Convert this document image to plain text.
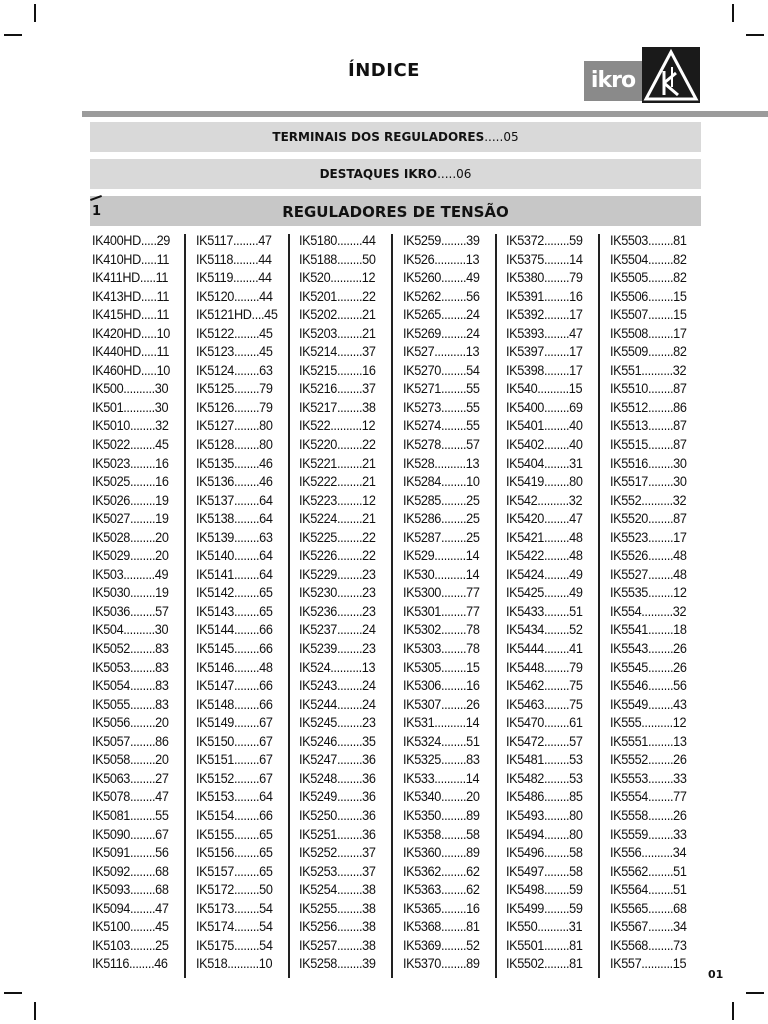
ÍNDICE	ikro
TERMINAIS DOS REGULADORES.....05
DESTAQUES IKRO.....06
1	REGULADORES DE TENSÃO
IK400HD.....29
IK410HD.....11
IK411HD.....11
IK413HD.....11
IK415HD.....11
IK420HD.....10
IK440HD.....11
IK460HD.....10
IK500..........30
IK501..........30
IK5010........32
IK5022........45
IK5023........16
IK5025........16
IK5026........19
IK5027........19
IK5028........20
IK5029........20
IK503..........49
IK5030........19
IK5036........57
IK504..........30
IK5052........83
IK5053........83
IK5054........83
IK5055........83
IK5056........20
IK5057........86
IK5058........20
IK5063........27
IK5078........47
IK5081........55
IK5090........67
IK5091........56
IK5092........68
IK5093........68
IK5094........47
IK5100........45
IK5103........25
IK5116........46
IK5117........47
IK5118........44
IK5119........44
IK5120........44
IK5121HD....45
IK5122........45
IK5123........45
IK5124........63
IK5125........79
IK5126........79
IK5127........80
IK5128........80
IK5135........46
IK5136........46
IK5137........64
IK5138........64
IK5139........63
IK5140........64
IK5141........64
IK5142........65
IK5143........65
IK5144........66
IK5145........66
IK5146........48
IK5147........66
IK5148........66
IK5149........67
IK5150........67
IK5151........67
IK5152........67
IK5153........64
IK5154........66
IK5155........65
IK5156........65
IK5157........65
IK5172........50
IK5173........54
IK5174........54
IK5175........54
IK518..........10
IK5180........44
IK5188........50
IK520..........12
IK5201........22
IK5202........21
IK5203........21
IK5214........37
IK5215........16
IK5216........37
IK5217........38
IK522..........12
IK5220........22
IK5221........21
IK5222........21
IK5223........12
IK5224........21
IK5225........22
IK5226........22
IK5229........23
IK5230........23
IK5236........23
IK5237........24
IK5239........23
IK524..........13
IK5243........24
IK5244........24
IK5245........23
IK5246........35
IK5247........36
IK5248........36
IK5249........36
IK5250........36
IK5251........36
IK5252........37
IK5253........37
IK5254........38
IK5255........38
IK5256........38
IK5257........38
IK5258........39
IK5259........39
IK526..........13
IK5260........49
IK5262........56
IK5265........24
IK5269........24
IK527..........13
IK5270........54
IK5271........55
IK5273........55
IK5274........55
IK5278........57
IK528..........13
IK5284........10
IK5285........25
IK5286........25
IK5287........25
IK529..........14
IK530..........14
IK5300........77
IK5301........77
IK5302........78
IK5303........78
IK5305........15
IK5306........16
IK5307........26
IK531..........14
IK5324........51
IK5325........83
IK533..........14
IK5340........20
IK5350........89
IK5358........58
IK5360........89
IK5362........62
IK5363........62
IK5365........16
IK5368........81
IK5369........52
IK5370........89
IK5372........59
IK5375........14
IK5380........79
IK5391........16
IK5392........17
IK5393........47
IK5397........17
IK5398........17
IK540..........15
IK5400........69
IK5401........40
IK5402........40
IK5404........31
IK5419........80
IK542..........32
IK5420........47
IK5421........48
IK5422........48
IK5424........49
IK5425........49
IK5433........51
IK5434........52
IK5444........41
IK5448........79
IK5462........75
IK5463........75
IK5470........61
IK5472........57
IK5481........53
IK5482........53
IK5486........85
IK5493........80
IK5494........80
IK5496........58
IK5497........58
IK5498........59
IK5499........59
IK550..........31
IK5501........81
IK5502........81
IK5503........81
IK5504........82
IK5505........82
IK5506........15
IK5507........15
IK5508........17
IK5509........82
IK551..........32
IK5510........87
IK5512........86
IK5513........87
IK5515........87
IK5516........30
IK5517........30
IK552..........32
IK5520........87
IK5523........17
IK5526........48
IK5527........48
IK5535........12
IK554..........32
IK5541........18
IK5543........26
IK5545........26
IK5546........56
IK5549........43
IK555..........12
IK5551........13
IK5552........26
IK5553........33
IK5554........77
IK5558........26
IK5559........33
IK556..........34
IK5562........51
IK5564........51
IK5565........68
IK5567........34
IK5568........73
IK557..........15
01
